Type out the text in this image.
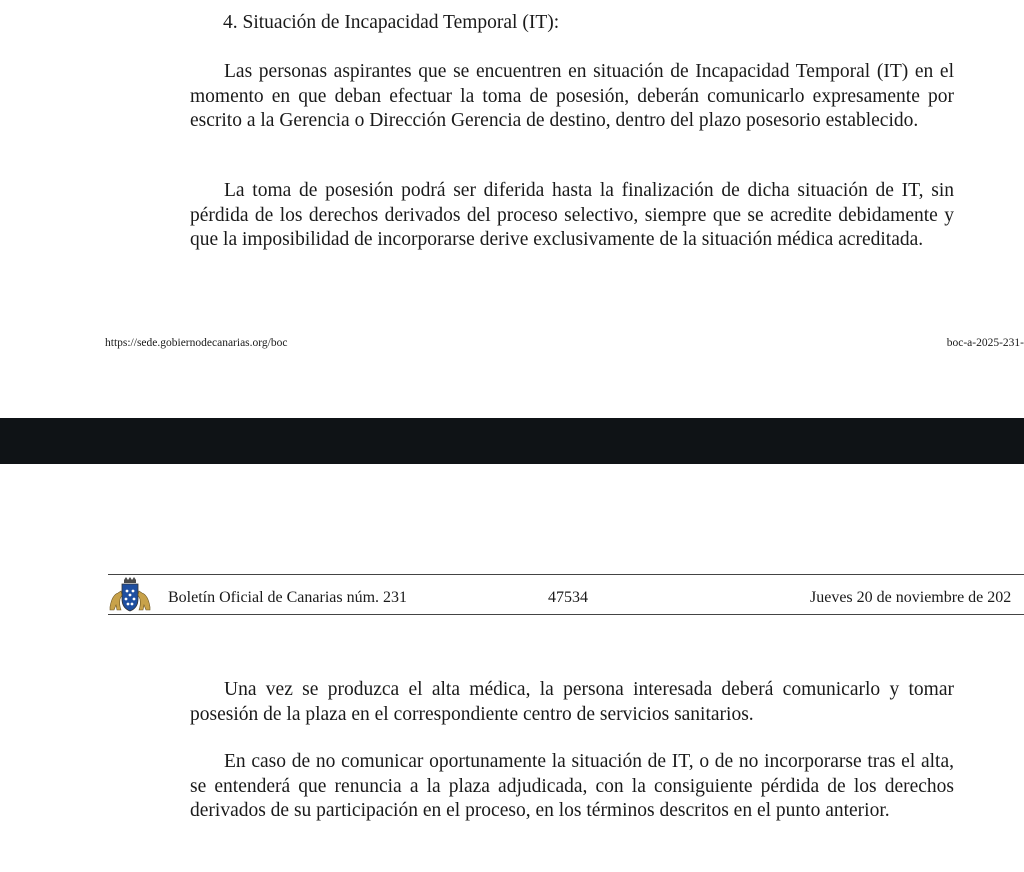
4. Situación de Incapacidad Temporal (IT):

Las personas aspirantes que se encuentren en situación de Incapacidad Temporal (IT) en el momento en que deban efectuar la toma de posesión, deberán comunicarlo expresamente por escrito a la Gerencia o Dirección Gerencia de destino, dentro del plazo posesorio establecido.

La toma de posesión podrá ser diferida hasta la finalización de dicha situación de IT, sin pérdida de los derechos derivados del proceso selectivo, siempre que se acredite debidamente y que la imposibilidad de incorporarse derive exclusivamente de la situación médica acreditada.

https://sede.gobiernodecanarias.org/boc	boc-a-2025-231-
Boletín Oficial de Canarias núm. 231	47534	Jueves 20 de noviembre de 202

Una vez se produzca el alta médica, la persona interesada deberá comunicarlo y tomar posesión de la plaza en el correspondiente centro de servicios sanitarios.

En caso de no comunicar oportunamente la situación de IT, o de no incorporarse tras el alta, se entenderá que renuncia a la plaza adjudicada, con la consiguiente pérdida de los derechos derivados de su participación en el proceso, en los términos descritos en el punto anterior.
